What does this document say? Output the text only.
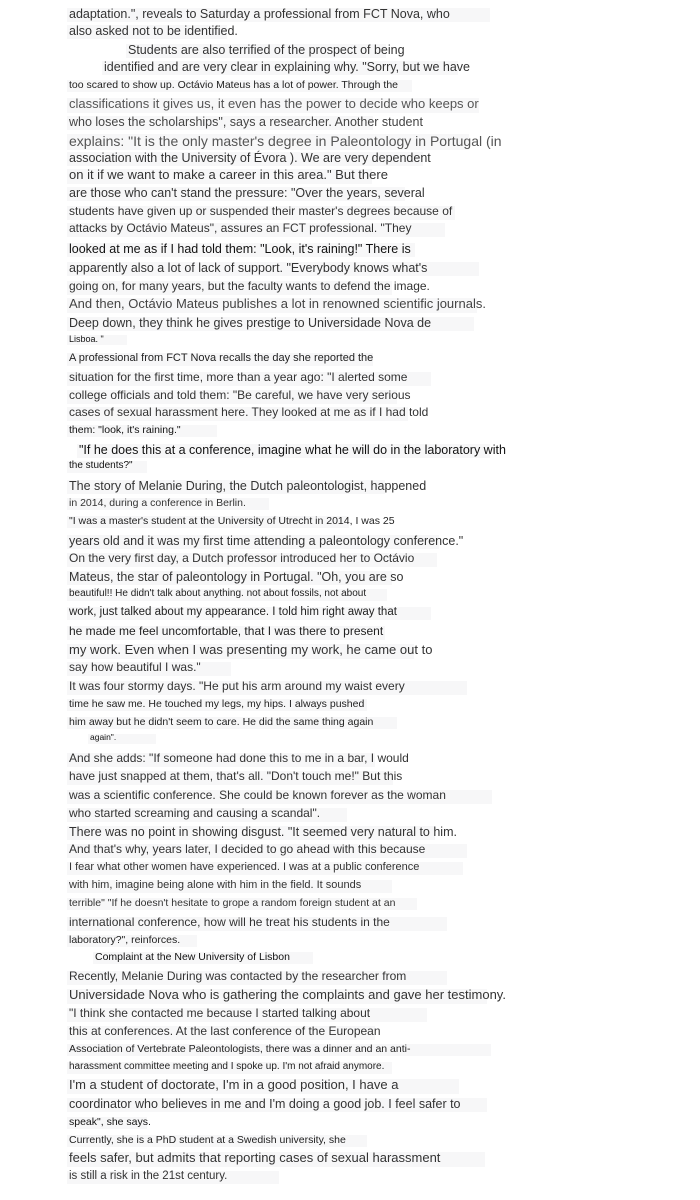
adaptation.", reveals to Saturday a professional from FCT Nova, who
also asked not to be identified.
Students are also terrified of the prospect of being
identified and are very clear in explaining why. "Sorry, but we have
too scared to show up. Octávio Mateus has a lot of power. Through the
classifications it gives us, it even has the power to decide who keeps or
who loses the scholarships", says a researcher. Another student
explains: "It is the only master's degree in Paleontology in Portugal (in
association with the University of Évora ). We are very dependent
on it if we want to make a career in this area." But there
are those who can't stand the pressure: "Over the years, several
students have given up or suspended their master's degrees because of
attacks by Octávio Mateus", assures an FCT professional. "They
looked at me as if I had told them: "Look, it's raining!" There is
apparently also a lot of lack of support. "Everybody knows what's
going on, for many years, but the faculty wants to defend the image.
And then, Octávio Mateus publishes a lot in renowned scientific journals.
Deep down, they think he gives prestige to Universidade Nova de
Lisboa. "
A professional from FCT Nova recalls the day she reported the
situation for the first time, more than a year ago: "I alerted some
college officials and told them: "Be careful, we have very serious
cases of sexual harassment here. They looked at me as if I had told
them: "look, it's raining."
"If he does this at a conference, imagine what he will do in the laboratory with
the students?"
The story of Melanie During, the Dutch paleontologist, happened
in 2014, during a conference in Berlin.
"I was a master's student at the University of Utrecht in 2014, I was 25
years old and it was my first time attending a paleontology conference."
On the very first day, a Dutch professor introduced her to Octávio
Mateus, the star of paleontology in Portugal. "Oh, you are so
beautiful!! He didn't talk about anything. not about fossils, not about
work, just talked about my appearance. I told him right away that
he made me feel uncomfortable, that I was there to present
my work. Even when I was presenting my work, he came out to
say how beautiful I was."
It was four stormy days. "He put his arm around my waist every
time he saw me. He touched my legs, my hips. I always pushed
him away but he didn't seem to care. He did the same thing again
again".
And she adds: "If someone had done this to me in a bar, I would
have just snapped at them, that's all. "Don't touch me!" But this
was a scientific conference. She could be known forever as the woman
who started screaming and causing a scandal".
There was no point in showing disgust. "It seemed very natural to him.
And that's why, years later, I decided to go ahead with this because
I fear what other women have experienced. I was at a public conference
with him, imagine being alone with him in the field. It sounds
terrible" "If he doesn't hesitate to grope a random foreign student at an
international conference, how will he treat his students in the
laboratory?", reinforces.
Complaint at the New University of Lisbon
Recently, Melanie During was contacted by the researcher from
Universidade Nova who is gathering the complaints and gave her testimony.
"I think she contacted me because I started talking about
this at conferences. At the last conference of the European
Association of Vertebrate Paleontologists, there was a dinner and an anti-
harassment committee meeting and I spoke up. I'm not afraid anymore.
I'm a student of doctorate, I'm in a good position, I have a
coordinator who believes in me and I'm doing a good job. I feel safer to
speak", she says.
Currently, she is a PhD student at a Swedish university, she
feels safer, but admits that reporting cases of sexual harassment
is still a risk in the 21st century.
